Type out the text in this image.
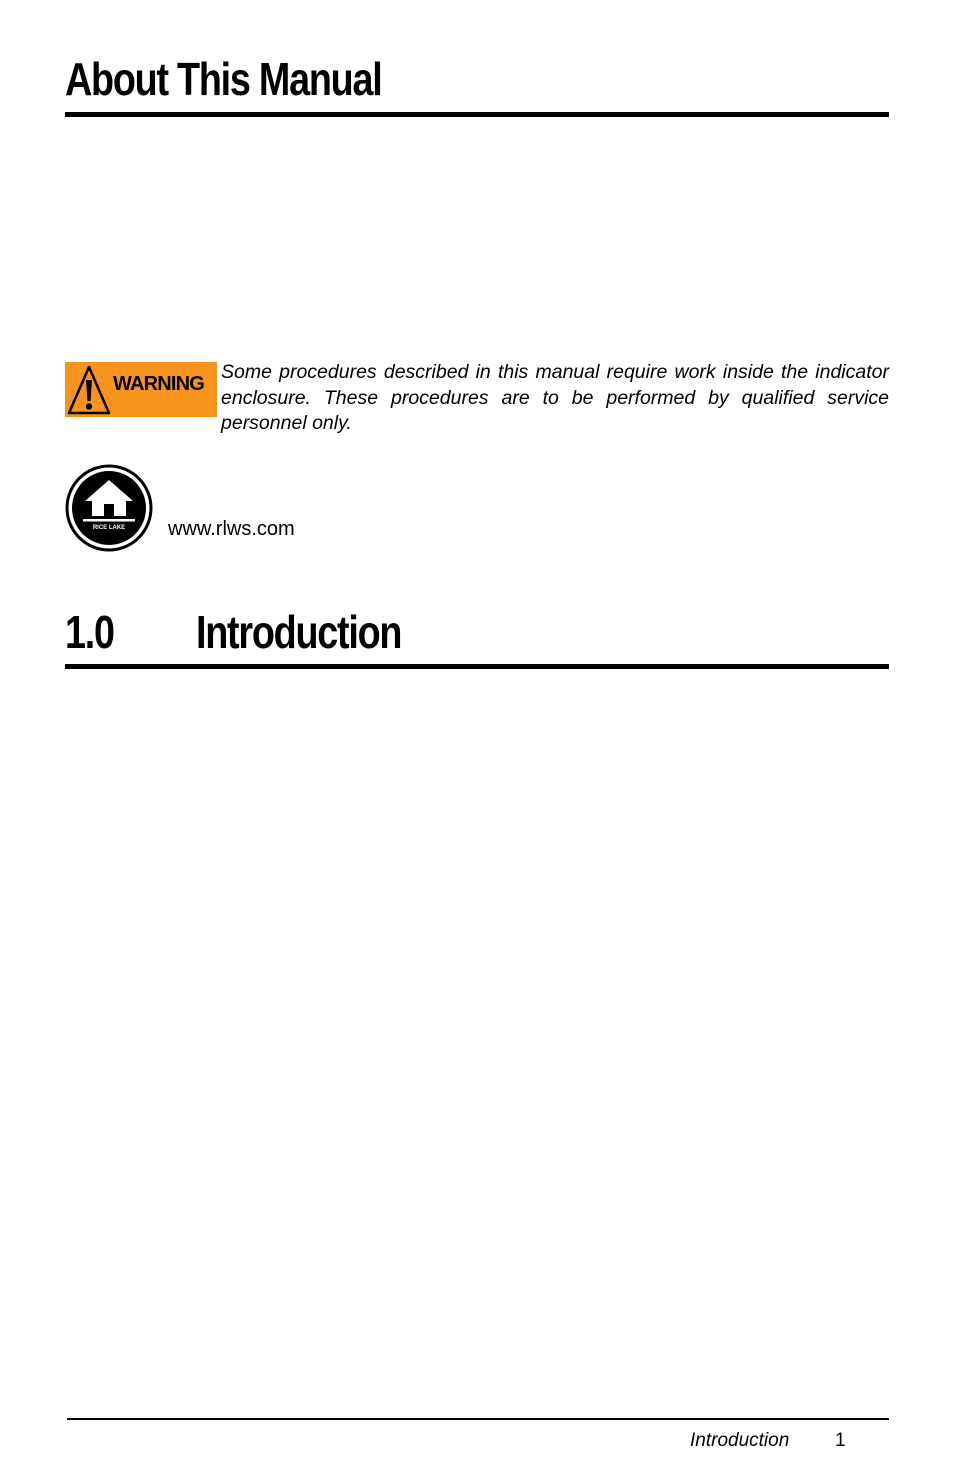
About This Manual
WARNING

Some procedures described in this manual require work inside the indicator enclosure. These procedures are to be performed by qualified service personnel only.

RICE LAKE www.rlws.com
1.0 Introduction
Introduction 1
